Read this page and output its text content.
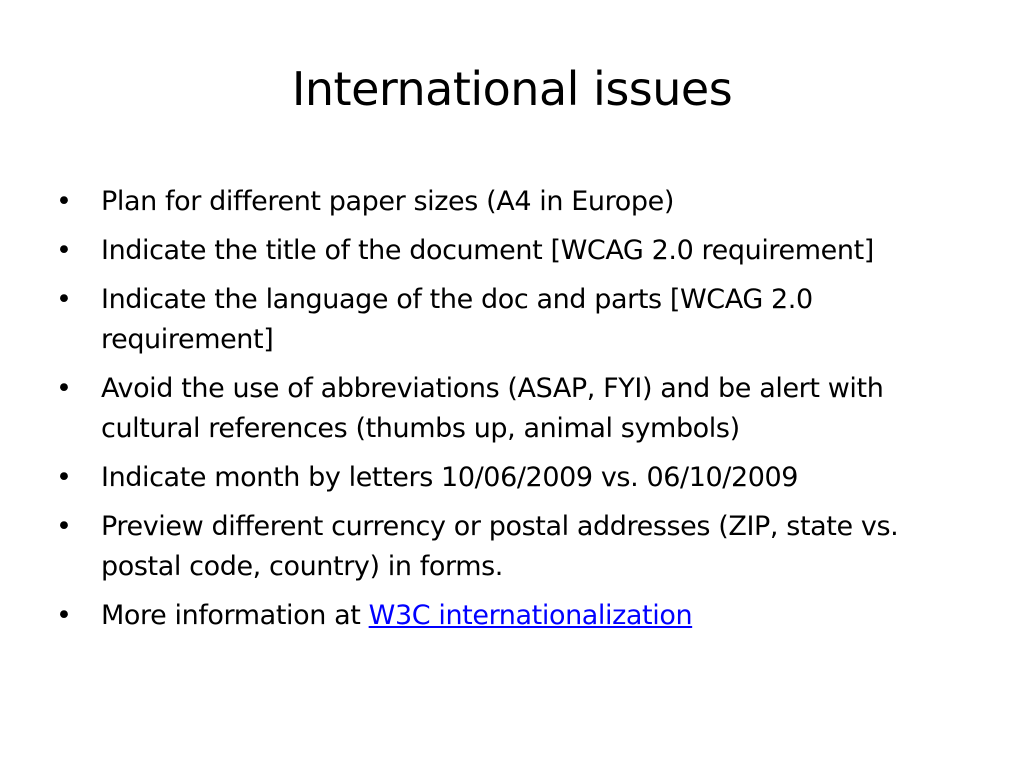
International issues
• Plan for different paper sizes (A4 in Europe)
• Indicate the title of the document [WCAG 2.0 requirement]
• Indicate the language of the doc and parts [WCAG 2.0 requirement]
• Avoid the use of abbreviations (ASAP, FYI) and be alert with cultural references (thumbs up, animal symbols)
• Indicate month by letters 10/06/2009 vs. 06/10/2009
• Preview different currency or postal addresses (ZIP, state vs. postal code, country) in forms.
• More information at W3C internationalization
